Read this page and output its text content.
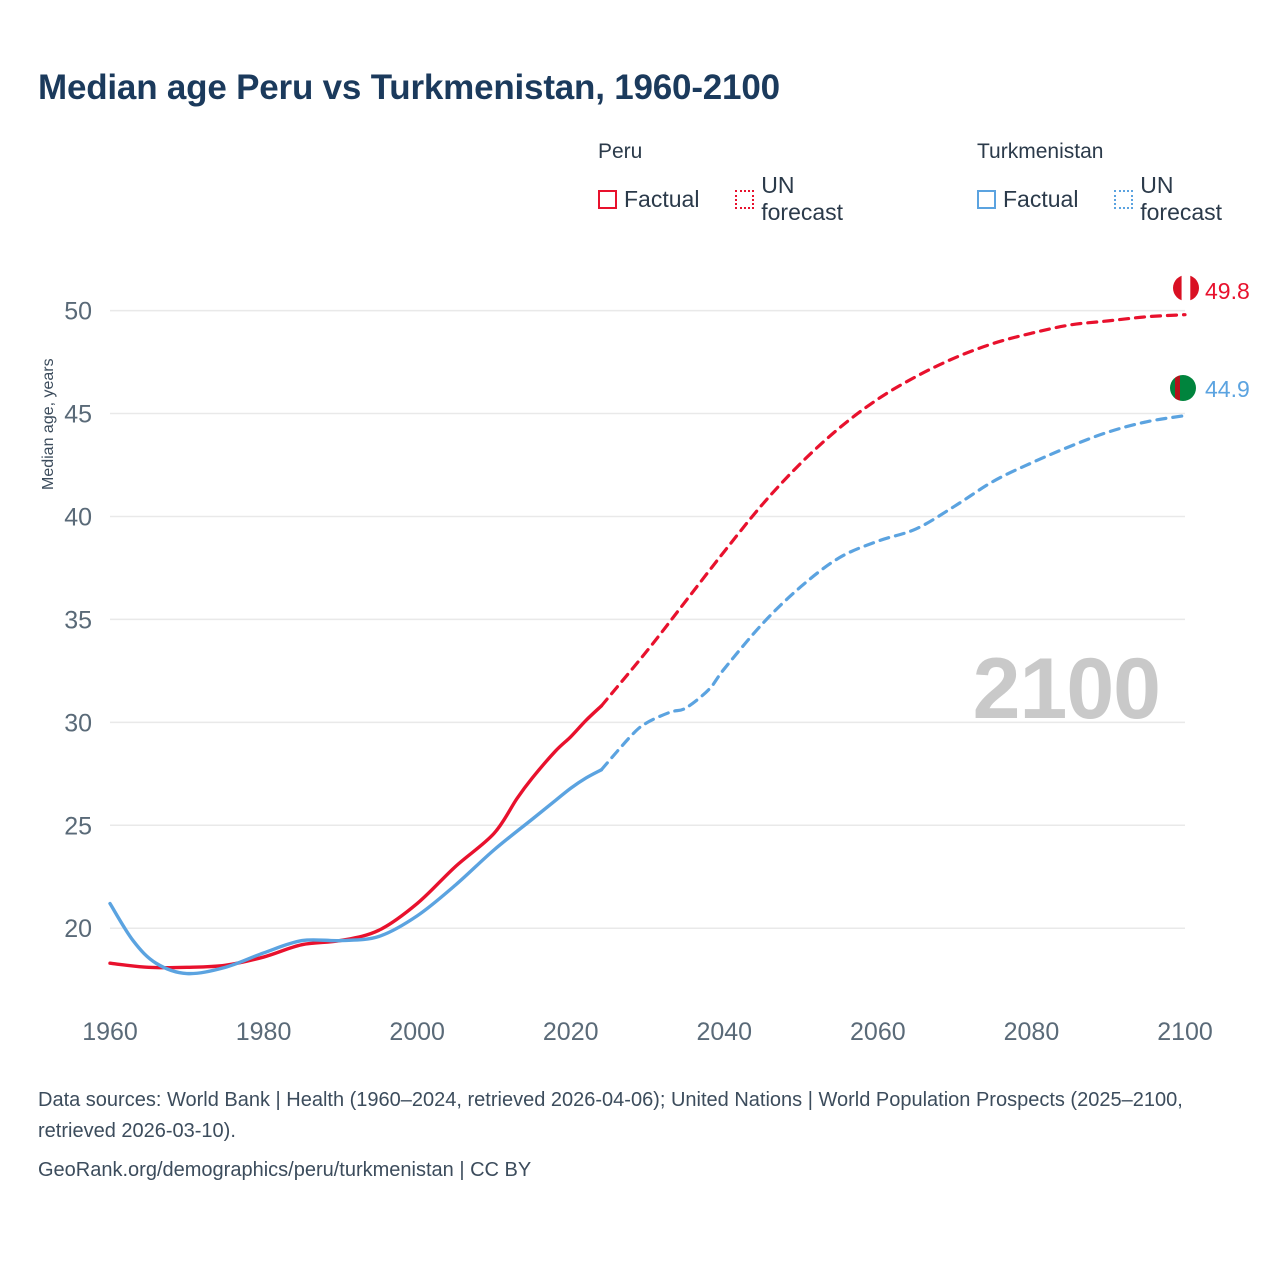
Median age Peru vs Turkmenistan, 1960-2100
Peru
Factual
UN forecast
Turkmenistan
Factual
UN forecast
20
25
30
35
40
45
50
1960	1980	2000	2020	2040	2060	2080	2100
Median age, years
2100
49.8
44.9
Data sources: World Bank | Health (1960–2024, retrieved 2026-04-06); United Nations | World Population Prospects (2025–2100, retrieved 2026-03-10).
GeoRank.org/demographics/peru/turkmenistan | CC BY
